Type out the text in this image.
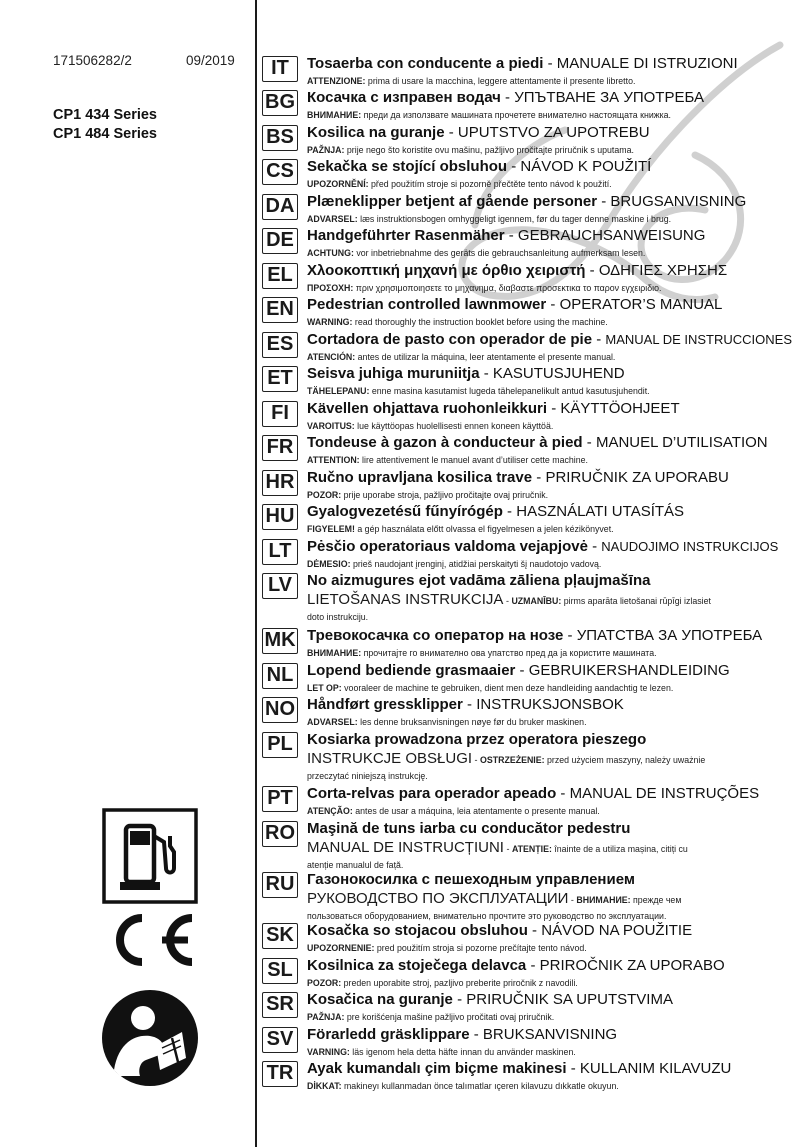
171506282/2	09/2019
CP1 434 Series
CP1 484 Series
IT	Tosaerba con conducente a piedi - MANUALE DI ISTRUZIONI
ATTENZIONE: prima di usare la macchina, leggere attentamente il presente libretto.
BG Косачка с изправен водач - УПЪТВАНЕ ЗА УПОТРЕБА
ВНИМАНИЕ: преди да използвате машината прочетете внимателно настоящата книжка.
BS Kosilica na guranje - UPUTSTVO ZA UPOTREBU
PAŽNJA: prije nego što koristite ovu mašinu, pažljivo pročitajte priručnik s uputama.
CS Sekačka se stojící obsluhou - NÁVOD K POUŽITÍ
UPOZORNĚNÍ: před použitím stroje si pozorně přečtěte tento návod k použití.
DA Plæneklipper betjent af gående personer - BRUGSANVISNING
ADVARSEL: læs instruktionsbogen omhyggeligt igennem, før du tager denne maskine i brug.
DE Handgeführter Rasenmäher - GEBRAUCHSANWEISUNG
ACHTUNG: vor inbetriebnahme des geräts die gebrauchsanleitung aufmerksam lesen.
EL Χλοοκοπτική μηχανή με όρθιο χειριστή - ΟΔΗΓΙΕΣ ΧΡΗΣΗΣ
ΠΡΟΣΟΧΗ: πριν χρησιμοποιησετε το μηχανημα, διαβαστε προσεκτικα το παρον εγχειριδιο.
EN Pedestrian controlled lawnmower - OPERATOR’S MANUAL
WARNING: read thoroughly the instruction booklet before using the machine.
ES Cortadora de pasto con operador de pie - MANUAL DE INSTRUCCIONES
ATENCIÓN: antes de utilizar la máquina, leer atentamente el presente manual.
ET Seisva juhiga muruniitja - KASUTUSJUHEND
TÄHELEPANU: enne masina kasutamist lugeda tähelepanelikult antud kasutusjuhendit.
FI	Kävellen ohjattava ruohonleikkuri - KÄYTTÖOHJEET
VAROITUS: lue käyttöopas huolellisesti ennen koneen käyttöä.
FR Tondeuse à gazon à conducteur à pied - MANUEL D’UTILISATION
ATTENTION: lire attentivement le manuel avant d’utiliser cette machine.
HR Ručno upravljana kosilica trave - PRIRUČNIK ZA UPORABU
POZOR: prije uporabe stroja, pažljivo pročitajte ovaj priručnik.
HU Gyalogvezetésű fűnyírógép - HASZNÁLATI UTASÍTÁS
FIGYELEM! a gép használata előtt olvassa el figyelmesen a jelen kézikönyvet.
LT	Pėsčio operatoriaus valdoma vejapjovė - NAUDOJIMO INSTRUKCIJOS
DĖMESIO: prieš naudojant įrenginį, atidžiai perskaityti šį naudotojo vadovą.
LV No aizmugures ejot vadāma zāliena pļaujmašīna
LIETOŠANAS INSTRUKCIJA - UZMANĪBU: pirms aparāta lietošanai rūpīgi izlasiet
doto instrukciju.
MK Тревокосачка со оператор на нозе - УПАТСТВА ЗА УПОТРЕБА
ВНИМАНИЕ: прочитајте го внимателно ова упатство пред да ја користите машината.
NL Lopend bediende grasmaaier - GEBRUIKERSHANDLEIDING
LET OP: vooraleer de machine te gebruiken, dient men deze handleiding aandachtig te lezen.
NO Håndført gressklipper - INSTRUKSJONSBOK
ADVARSEL: les denne bruksanvisningen nøye før du bruker maskinen.
PL Kosiarka prowadzona przez operatora pieszego
INSTRUKCJE OBSŁUGI - OSTRZEŻENIE: przed użyciem maszyny, należy uważnie
przeczytać niniejszą instrukcję.
PT Corta-relvas para operador apeado - MANUAL DE INSTRUÇÕES
ATENÇÃO: antes de usar a máquina, leia atentamente o presente manual.
RO Maşină de tuns iarba cu conducător pedestru
MANUAL DE INSTRUCȚIUNI - ATENȚIE: înainte de a utiliza mașina, citiți cu
atenție manualul de față.
RU Газонокосилка с пешеходным управлением
РУКОВОДСТВО ПО ЭКСПЛУАТАЦИИ - ВНИМАНИЕ: прежде чем
пользоваться оборудованием, внимательно прочтите это руководство по эксплуатации.
SK Kosačka so stojacou obsluhou - NÁVOD NA POUŽITIE
UPOZORNENIE: pred použitím stroja si pozorne prečítajte tento návod.
SL Kosilnica za stoječega delavca - PRIROČNIK ZA UPORABO
POZOR: preden uporabite stroj, pazljivo preberite priročnik z navodili.
SR Kosačica na guranje - PRIRUČNIK SA UPUTSTVIMA
PAŽNJA: pre korišćenja mašine pažljivo pročitati ovaj priručnik.
SV Förarledd gräsklippare - BRUKSANVISNING
VARNING: läs igenom hela detta häfte innan du använder maskinen.
TR Ayak kumandalı çim biçme makinesi - KULLANIM KILAVUZU
DİKKAT: makineyı kullanmadan önce talımatlar ıçeren kilavuzu dıkkatle okuyun.
